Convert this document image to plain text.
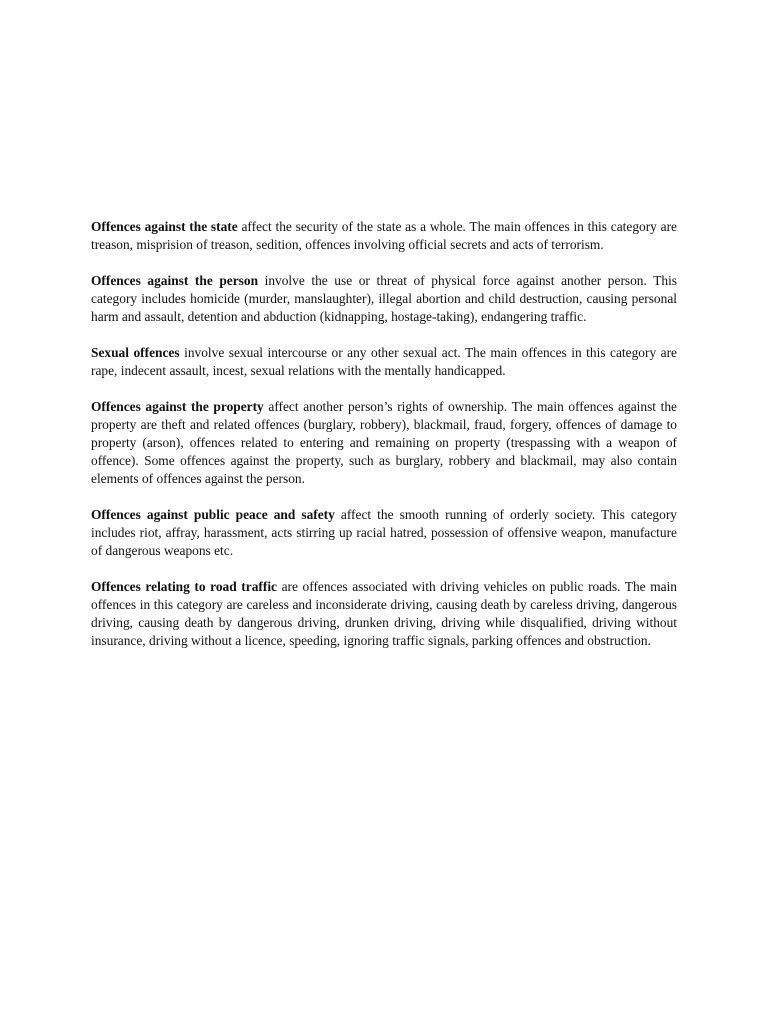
Offences against the state affect the security of the state as a whole. The main offences in this category are treason, misprision of treason, sedition, offences involving official secrets and acts of terrorism.

Offences against the person involve the use or threat of physical force against another person. This category includes homicide (murder, manslaughter), illegal abortion and child destruction, causing personal harm and assault, detention and abduction (kidnapping, hostage-taking), endangering traffic.

Sexual offences involve sexual intercourse or any other sexual act. The main offences in this category are rape, indecent assault, incest, sexual relations with the mentally handicapped.

Offences against the property affect another person’s rights of ownership. The main offences against the property are theft and related offences (burglary, robbery), blackmail, fraud, forgery, offences of damage to property (arson), offences related to entering and remaining on property (trespassing with a weapon of offence). Some offences against the property, such as burglary, robbery and blackmail, may also contain elements of offences against the person.

Offences against public peace and safety affect the smooth running of orderly society. This category includes riot, affray, harassment, acts stirring up racial hatred, possession of offensive weapon, manufacture of dangerous weapons etc.

Offences relating to road traffic are offences associated with driving vehicles on public roads. The main offences in this category are careless and inconsiderate driving, causing death by careless driving, dangerous driving, causing death by dangerous driving, drunken driving, driving while disqualified, driving without insurance, driving without a licence, speeding, ignoring traffic signals, parking offences and obstruction.
